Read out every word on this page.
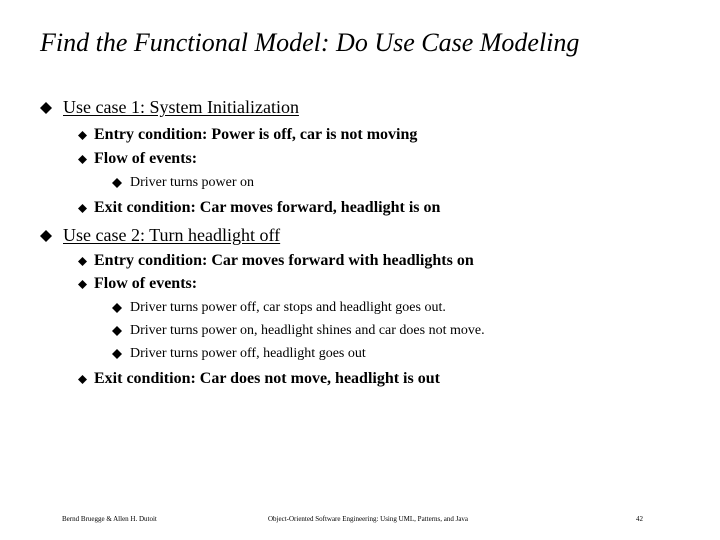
Find the Functional Model: Do Use Case Modeling
Use case 1: System Initialization
Entry condition: Power is off, car is not moving
Flow of events:
Driver turns power on
Exit condition: Car moves forward, headlight is on
Use case 2: Turn headlight off
Entry condition: Car moves forward with headlights on
Flow of events:
Driver turns power off, car stops and headlight goes out.
Driver turns power on, headlight shines and car does not move.
Driver turns power off, headlight goes out
Exit condition: Car does not move, headlight is out
Bernd Bruegge & Allen H. Dutoit	Object-Oriented Software Engineering: Using UML, Patterns, and Java	42
